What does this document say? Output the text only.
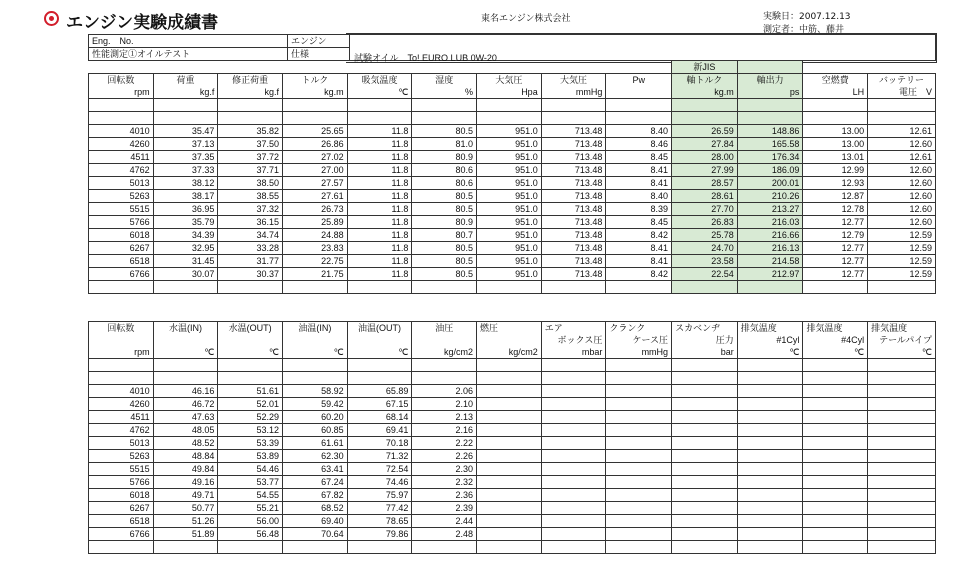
エンジン実験成績書	東名エンジン株式会社	実験日：2007.12.13
測定者：中筋、藤井
Eng.　No.	エンジン	
性能測定①オイルテスト	仕様		試験オイル　To! EURO LUB 0W-20
									新JIS			
回転数	荷重	修正荷重	トルク	吸気温度	湿度	大気圧	大気圧	Pw	軸トルク	軸出力	空燃費	バッテリー
rpm	kg.f	kg.f	kg.m	℃	%	Hpa	mmHg		kg.m	ps	LH	電圧　V

4010	35.47	35.82	25.65	11.8	80.5	951.0	713.48	8.40	26.59	148.86	13.00	12.61
4260	37.13	37.50	26.86	11.8	81.0	951.0	713.48	8.46	27.84	165.58	13.00	12.60
4511	37.35	37.72	27.02	11.8	80.9	951.0	713.48	8.45	28.00	176.34	13.01	12.61
4762	37.33	37.71	27.00	11.8	80.6	951.0	713.48	8.41	27.99	186.09	12.99	12.60
5013	38.12	38.50	27.57	11.8	80.6	951.0	713.48	8.41	28.57	200.01	12.93	12.60
5263	38.17	38.55	27.61	11.8	80.5	951.0	713.48	8.40	28.61	210.26	12.87	12.60
5515	36.95	37.32	26.73	11.8	80.5	951.0	713.48	8.39	27.70	213.27	12.78	12.60
5766	35.79	36.15	25.89	11.8	80.9	951.0	713.48	8.45	26.83	216.03	12.77	12.60
6018	34.39	34.74	24.88	11.8	80.7	951.0	713.48	8.42	25.78	216.66	12.79	12.59
6267	32.95	33.28	23.83	11.8	80.5	951.0	713.48	8.41	24.70	216.13	12.77	12.59
6518	31.45	31.77	22.75	11.8	80.5	951.0	713.48	8.41	23.58	214.58	12.77	12.59
6766	30.07	30.37	21.75	11.8	80.5	951.0	713.48	8.42	22.54	212.97	12.77	12.59

回転数	水温(IN)	水温(OUT)	油温(IN)	油温(OUT)	油圧	燃圧	エア	クランク	スカベンヂ	排気温度	排気温度	排気温度
							ボックス圧	ケース圧	圧力	#1Cyl	#4Cyl	テールパイプ
rpm	℃	℃	℃	℃	kg/cm2	kg/cm2	mbar	mmHg	bar	℃	℃	℃

4010	46.16	51.61	58.92	65.89	2.06							
4260	46.72	52.01	59.42	67.15	2.10							
4511	47.63	52.29	60.20	68.14	2.13							
4762	48.05	53.12	60.85	69.41	2.16							
5013	48.52	53.39	61.61	70.18	2.22							
5263	48.84	53.89	62.30	71.32	2.26							
5515	49.84	54.46	63.41	72.54	2.30							
5766	49.16	53.77	67.24	74.46	2.32							
6018	49.71	54.55	67.82	75.97	2.36							
6267	50.77	55.21	68.52	77.42	2.39							
6518	51.26	56.00	69.40	78.65	2.44							
6766	51.89	56.48	70.64	79.86	2.48							
